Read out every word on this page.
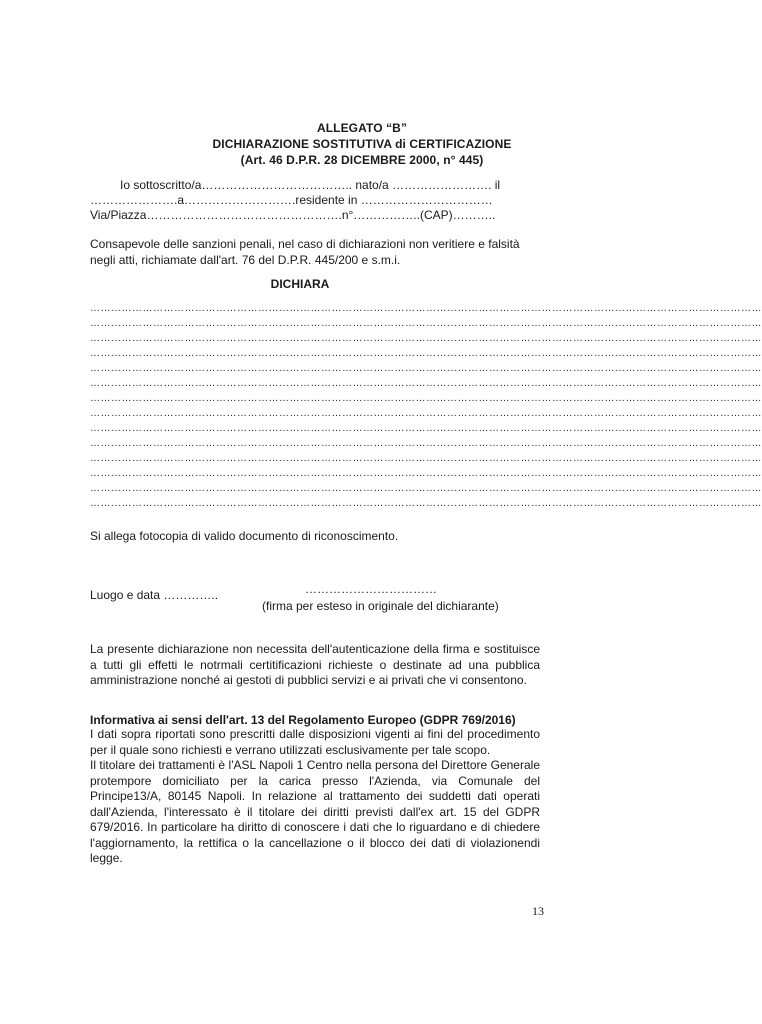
ALLEGATO “B”
DICHIARAZIONE SOSTITUTIVA di CERTIFICAZIONE
(Art. 46 D.P.R. 28 DICEMBRE 2000, n° 445)
Io sottoscritto/a……………………………….. nato/a ……………………. il
………………….a……………………….residente in ……………………………
Via/Piazza………………………………………….n°……………..(CAP)………..
Consapevole delle sanzioni penali, nel caso di dichiarazioni non veritiere e falsità negli atti, richiamate dall'art. 76 del D.P.R. 445/200 e s.m.i.
DICHIARA
…………………………………………………………………………………………………………………………………………………………………………
…………………………………………………………………………………………………………………………………………………………………………
…………………………………………………………………………………………………………………………………………………………………………
…………………………………………………………………………………………………………………………………………………………………………
…………………………………………………………………………………………………………………………………………………………………………
…………………………………………………………………………………………………………………………………………………………………………
…………………………………………………………………………………………………………………………………………………………………………
…………………………………………………………………………………………………………………………………………………………………………
…………………………………………………………………………………………………………………………………………………………………………
…………………………………………………………………………………………………………………………………………………………………………
…………………………………………………………………………………………………………………………………………………………………………
…………………………………………………………………………………………………………………………………………………………………………
…………………………………………………………………………………………………………………………………………………………………………
…………………………………………………………………………………………………………………………………………………………………………
Si allega fotocopia di valido documento di riconoscimento.
Luogo e data …………..	……………………………
(firma per esteso in originale del dichiarante)
La presente dichiarazione non necessita dell'autenticazione della firma e sostituisce a tutti gli effetti le notrmali certitificazioni richieste o destinate ad una pubblica amministrazione nonché ai gestoti di pubblici servizi e ai privati che vi consentono.
Informativa ai sensi dell'art. 13 del Regolamento Europeo (GDPR 769/2016)
I dati sopra riportati sono prescritti dalle disposizioni vigenti ai fini del procedimento per il quale sono richiesti e verrano utilizzati esclusivamente per tale scopo.
Il titolare dei trattamenti è l'ASL Napoli 1 Centro nella persona del Direttore Generale protempore domiciliato per la carica presso l'Azienda, via Comunale del Principe13/A, 80145 Napoli. In relazione al trattamento dei suddetti dati operati dall'Azienda, l'interessato è il titolare dei diritti previsti dall'ex art. 15 del GDPR 679/2016. In particolare ha diritto di conoscere i dati che lo riguardano e di chiedere l'aggiornamento, la rettifica o la cancellazione o il blocco dei dati di violazionendi legge.
13
